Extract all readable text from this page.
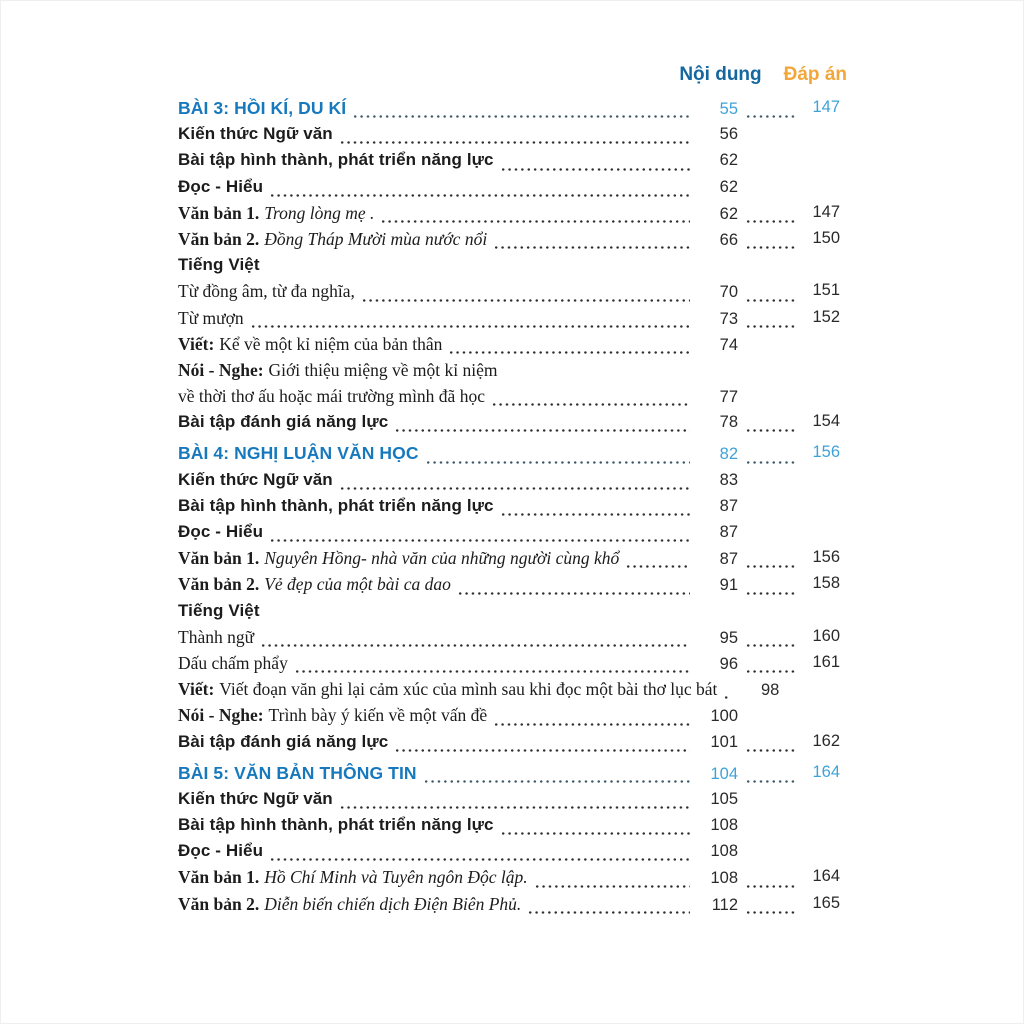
Nội dung Đáp án
BÀI 3: HỒI KÍ, DU KÍ	55	147
Kiến thức Ngữ văn	56
Bài tập hình thành, phát triển năng lực	62
Đọc - Hiểu	62
Văn bản 1. Trong lòng mẹ .	62	147
Văn bản 2. Đồng Tháp Mười mùa nước nổi	66	150
Tiếng Việt
Từ đồng âm, từ đa nghĩa,	70	151
Từ mượn	73	152
Viết: Kể về một kỉ niệm của bản thân	74
Nói - Nghe: Giới thiệu miệng về một kỉ niệm
về thời thơ ấu hoặc mái trường mình đã học	77
Bài tập đánh giá năng lực	78	154
BÀI 4: NGHỊ LUẬN VĂN HỌC	82	156
Kiến thức Ngữ văn	83
Bài tập hình thành, phát triển năng lực	87
Đọc - Hiểu	87
Văn bản 1. Nguyên Hồng- nhà văn của những người cùng khổ	87	156
Văn bản 2. Vẻ đẹp của một bài ca dao	91	158
Tiếng Việt
Thành ngữ	95	160
Dấu chấm phẩy	96	161
Viết: Viết đoạn văn ghi lại cảm xúc của mình sau khi đọc một bài thơ lục bát	98
Nói - Nghe: Trình bày ý kiến về một vấn đề	100
Bài tập đánh giá năng lực	101	162
BÀI 5: VĂN BẢN THÔNG TIN	104	164
Kiến thức Ngữ văn	105
Bài tập hình thành, phát triển năng lực	108
Đọc - Hiểu	108
Văn bản 1. Hồ Chí Minh và Tuyên ngôn Độc lập.	108	164
Văn bản 2. Diễn biến chiến dịch Điện Biên Phủ.	112	165
